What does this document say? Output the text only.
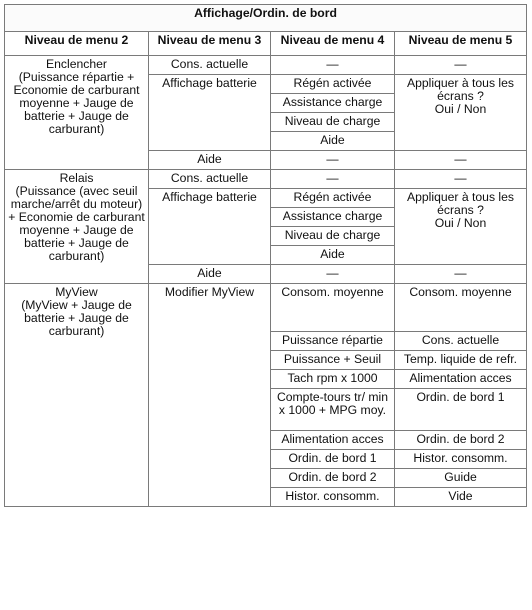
Affichage/Ordin. de bord			
Niveau de menu 2	Niveau de menu 3	Niveau de menu 4	Niveau de menu 5
Enclencher
(Puissance répartie + Economie de carburant moyenne + Jauge de batterie + Jauge de carburant)	Cons. actuelle	—	—
	Affichage batterie	Régén activée	Appliquer à tous les écrans ?
Oui / Non
		Assistance charge	
		Niveau de charge	
		Aide	
	Aide	—	—
Relais
(Puissance (avec seuil marche/arrêt du moteur) + Economie de carburant moyenne + Jauge de batterie + Jauge de carburant)	Cons. actuelle	—	—
	Affichage batterie	Régén activée	Appliquer à tous les écrans ?
Oui / Non
		Assistance charge	
		Niveau de charge	
		Aide	
	Aide	—	—
MyView
(MyView + Jauge de batterie + Jauge de carburant)	Modifier MyView	Consom. moyenne	Consom. moyenne
		Puissance répartie	Cons. actuelle
		Puissance + Seuil	Temp. liquide de refr.
		Tach rpm x 1000	Alimentation acces
		Compte-tours tr/ min x 1000 + MPG moy.	Ordin. de bord 1
		Alimentation acces	Ordin. de bord 2
		Ordin. de bord 1	Histor. consomm.
		Ordin. de bord 2	Guide
		Histor. consomm.	Vide
